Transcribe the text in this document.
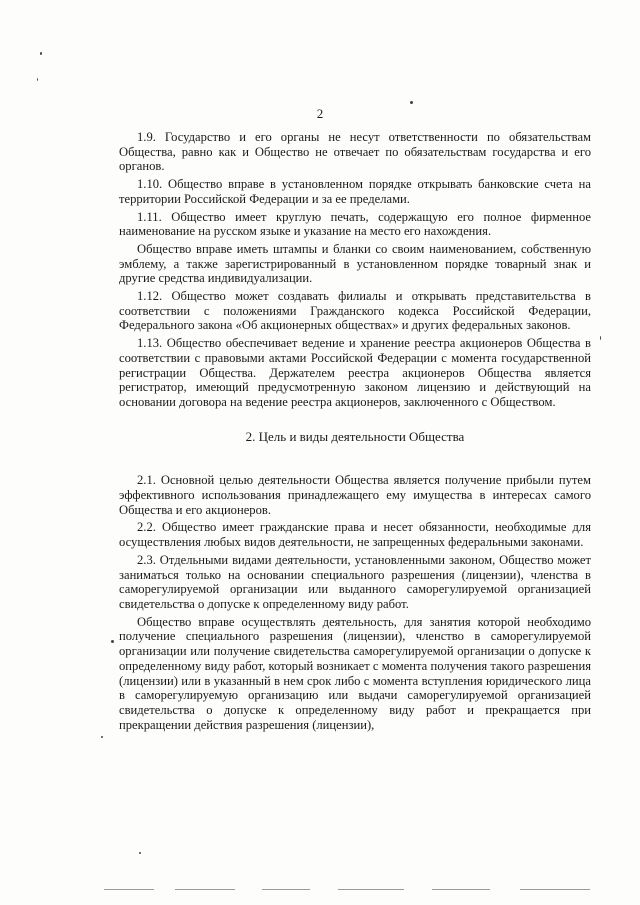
2

1.9. Государство и его органы не несут ответственности по обязательствам Общества, равно как и Общество не отвечает по обязательствам государства и его органов.

1.10. Общество вправе в установленном порядке открывать банковские счета на территории Российской Федерации и за ее пределами.

1.11. Общество имеет круглую печать, содержащую его полное фирменное наименование на русском языке и указание на место его нахождения.

Общество вправе иметь штампы и бланки со своим наименованием, собственную эмблему, а также зарегистрированный в установленном порядке товарный знак и другие средства индивидуализации.

1.12. Общество может создавать филиалы и открывать представительства в соответствии с положениями Гражданского кодекса Российской Федерации, Федерального закона «Об акционерных обществах» и других федеральных законов.

1.13. Общество обеспечивает ведение и хранение реестра акционеров Общества в соответствии с правовыми актами Российской Федерации с момента государственной регистрации Общества. Держателем реестра акционеров Общества является регистратор, имеющий предусмотренную законом лицензию и действующий на основании договора на ведение реестра акционеров, заключенного с Обществом.

2. Цель и виды деятельности Общества

2.1. Основной целью деятельности Общества является получение прибыли путем эффективного использования принадлежащего ему имущества в интересах самого Общества и его акционеров.

2.2. Общество имеет гражданские права и несет обязанности, необходимые для осуществления любых видов деятельности, не запрещенных федеральными законами.

2.3. Отдельными видами деятельности, установленными законом, Общество может заниматься только на основании специального разрешения (лицензии), членства в саморегулируемой организации или выданного саморегулируемой организацией свидетельства о допуске к определенному виду работ.

Общество вправе осуществлять деятельность, для занятия которой необходимо получение специального разрешения (лицензии), членство в саморегулируемой организации или получение свидетельства саморегулируемой организации о допуске к определенному виду работ, который возникает с момента получения такого разрешения (лицензии) или в указанный в нем срок либо с момента вступления юридического лица в саморегулируемую организацию или выдачи саморегулируемой организацией свидетельства о допуске к определенному виду работ и прекращается при прекращении действия разрешения (лицензии),
